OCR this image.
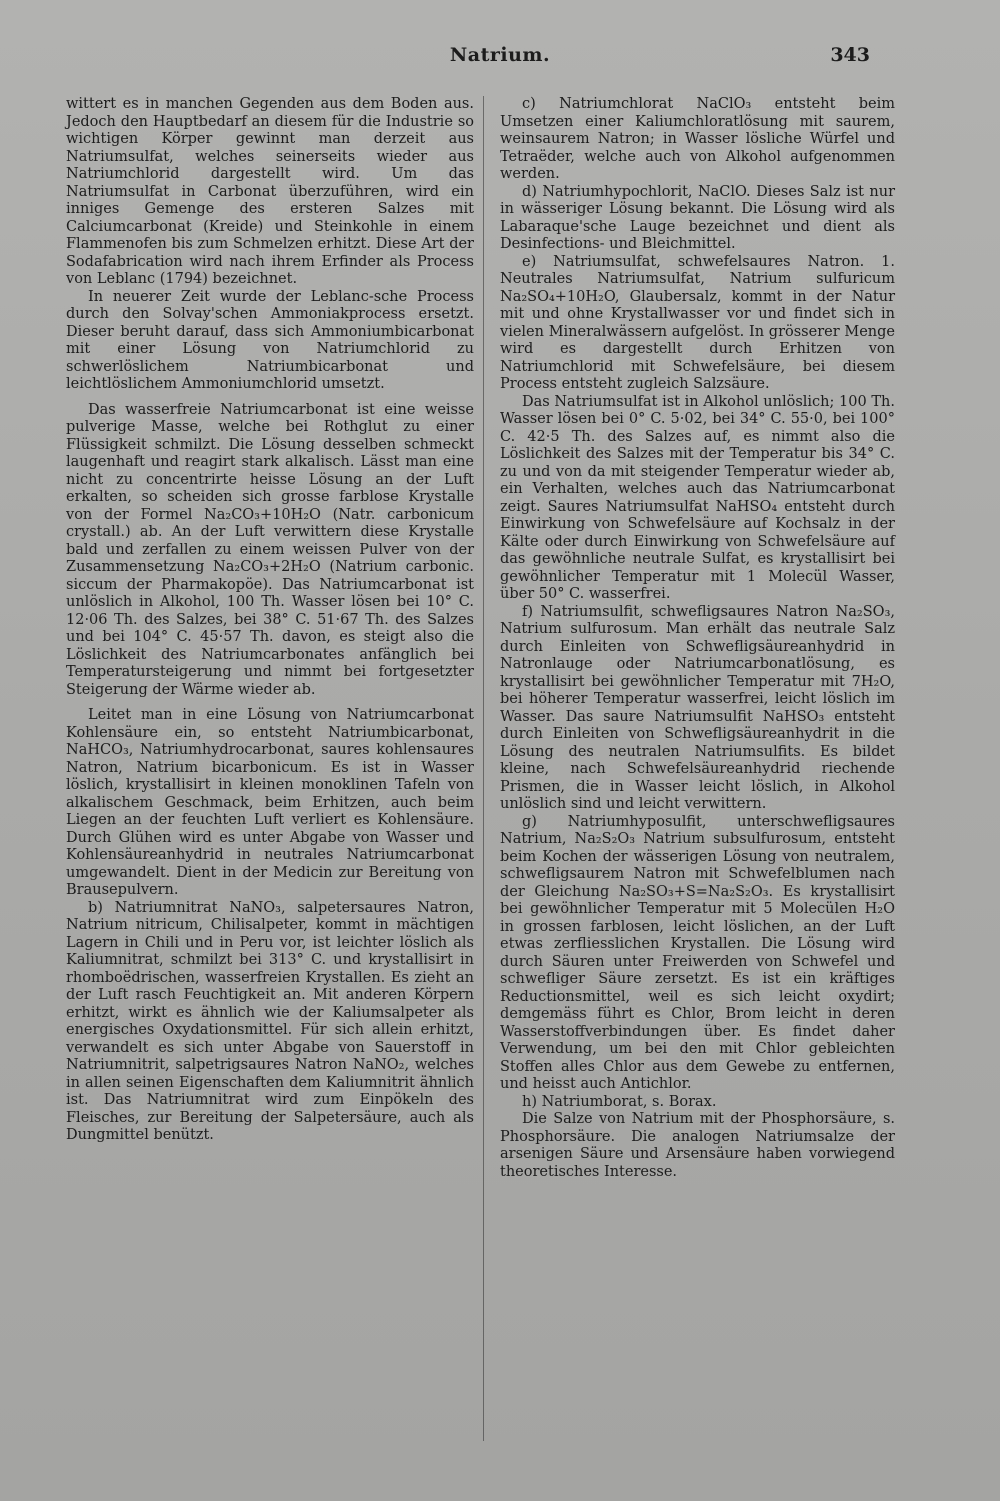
Natrium.	343

wittert es in manchen Gegenden aus dem Boden aus. Jedoch den Hauptbedarf an diesem für die Industrie so wichtigen Körper gewinnt man derzeit aus Natriumsulfat, welches seinerseits wieder aus Natriumchlorid dargestellt wird. Um das Natriumsulfat in Carbonat überzuführen, wird ein inniges Gemenge des ersteren Salzes mit Calciumcarbonat (Kreide) und Steinkohle in einem Flammenofen bis zum Schmelzen erhitzt. Diese Art der Sodafabrication wird nach ihrem Erfinder als Process von Leblanc (1794) bezeichnet.

In neuerer Zeit wurde der Leblanc-sche Process durch den Solvay'schen Ammoniakprocess ersetzt. Dieser beruht darauf, dass sich Ammoniumbicarbonat mit einer Lösung von Natriumchlorid zu schwerlöslichem Natriumbicarbonat und leichtlöslichem Ammoniumchlorid umsetzt.

Das wasserfreie Natriumcarbonat ist eine weisse pulverige Masse, welche bei Rothglut zu einer Flüssigkeit schmilzt. Die Lösung desselben schmeckt laugenhaft und reagirt stark alkalisch. Lässt man eine nicht zu concentrirte heisse Lösung an der Luft erkalten, so scheiden sich grosse farblose Krystalle von der Formel Na₂CO₃+10H₂O (Natr. carbonicum crystall.) ab. An der Luft verwittern diese Krystalle bald und zerfallen zu einem weissen Pulver von der Zusammensetzung Na₂CO₃+2H₂O (Natrium carbonic. siccum der Pharmakopöe). Das Natriumcarbonat ist unlöslich in Alkohol, 100 Th. Wasser lösen bei 10° C. 12·06 Th. des Salzes, bei 38° C. 51·67 Th. des Salzes und bei 104° C. 45·57 Th. davon, es steigt also die Löslichkeit des Natriumcarbonates anfänglich bei Temperatursteigerung und nimmt bei fortgesetzter Steigerung der Wärme wieder ab.

Leitet man in eine Lösung von Natriumcarbonat Kohlensäure ein, so entsteht Natriumbicarbonat, NaHCO₃, Natriumhydrocarbonat, saures kohlensaures Natron, Natrium bicarbonicum. Es ist in Wasser löslich, krystallisirt in kleinen monoklinen Tafeln von alkalischem Geschmack, beim Erhitzen, auch beim Liegen an der feuchten Luft verliert es Kohlensäure. Durch Glühen wird es unter Abgabe von Wasser und Kohlensäureanhydrid in neutrales Natriumcarbonat umgewandelt. Dient in der Medicin zur Bereitung von Brausepulvern.

b) Natriumnitrat NaNO₃, salpetersaures Natron, Natrium nitricum, Chilisalpeter, kommt in mächtigen Lagern in Chili und in Peru vor, ist leichter löslich als Kaliumnitrat, schmilzt bei 313° C. und krystallisirt in rhomboëdrischen, wasserfreien Krystallen. Es zieht an der Luft rasch Feuchtigkeit an. Mit anderen Körpern erhitzt, wirkt es ähnlich wie der Kaliumsalpeter als energisches Oxydationsmittel. Für sich allein erhitzt, verwandelt es sich unter Abgabe von Sauerstoff in Natriumnitrit, salpetrigsaures Natron NaNO₂, welches in allen seinen Eigenschaften dem Kaliumnitrit ähnlich ist. Das Natriumnitrat wird zum Einpökeln des Fleisches, zur Bereitung der Salpetersäure, auch als Dungmittel benützt.

c) Natriumchlorat NaClO₃ entsteht beim Umsetzen einer Kaliumchloratlösung mit saurem, weinsaurem Natron; in Wasser lösliche Würfel und Tetraëder, welche auch von Alkohol aufgenommen werden.

d) Natriumhypochlorit, NaClO. Dieses Salz ist nur in wässeriger Lösung bekannt. Die Lösung wird als Labaraque'sche Lauge bezeichnet und dient als Desinfections- und Bleichmittel.

e) Natriumsulfat, schwefelsaures Natron. 1. Neutrales Natriumsulfat, Natrium sulfuricum Na₂SO₄+10H₂O, Glaubersalz, kommt in der Natur mit und ohne Krystallwasser vor und findet sich in vielen Mineralwässern aufgelöst. In grösserer Menge wird es dargestellt durch Erhitzen von Natriumchlorid mit Schwefelsäure, bei diesem Process entsteht zugleich Salzsäure.

Das Natriumsulfat ist in Alkohol unlöslich; 100 Th. Wasser lösen bei 0° C. 5·02, bei 34° C. 55·0, bei 100° C. 42·5 Th. des Salzes auf, es nimmt also die Löslichkeit des Salzes mit der Temperatur bis 34° C. zu und von da mit steigender Temperatur wieder ab, ein Verhalten, welches auch das Natriumcarbonat zeigt. Saures Natriumsulfat NaHSO₄ entsteht durch Einwirkung von Schwefelsäure auf Kochsalz in der Kälte oder durch Einwirkung von Schwefelsäure auf das gewöhnliche neutrale Sulfat, es krystallisirt bei gewöhnlicher Temperatur mit 1 Molecül Wasser, über 50° C. wasserfrei.

f) Natriumsulfit, schwefligsaures Natron Na₂SO₃, Natrium sulfurosum. Man erhält das neutrale Salz durch Einleiten von Schwefligsäureanhydrid in Natronlauge oder Natriumcarbonatlösung, es krystallisirt bei gewöhnlicher Temperatur mit 7H₂O, bei höherer Temperatur wasserfrei, leicht löslich im Wasser. Das saure Natriumsulfit NaHSO₃ entsteht durch Einleiten von Schwefligsäureanhydrit in die Lösung des neutralen Natriumsulfits. Es bildet kleine, nach Schwefelsäureanhydrid riechende Prismen, die in Wasser leicht löslich, in Alkohol unlöslich sind und leicht verwittern.

g) Natriumhyposulfit, unterschwefligsaures Natrium, Na₂S₂O₃ Natrium subsulfurosum, entsteht beim Kochen der wässerigen Lösung von neutralem, schwefligsaurem Natron mit Schwefelblumen nach der Gleichung Na₂SO₃+S=Na₂S₂O₃. Es krystallisirt bei gewöhnlicher Temperatur mit 5 Molecülen H₂O in grossen farblosen, leicht löslichen, an der Luft etwas zerfliesslichen Krystallen. Die Lösung wird durch Säuren unter Freiwerden von Schwefel und schwefliger Säure zersetzt. Es ist ein kräftiges Reductionsmittel, weil es sich leicht oxydirt; demgemäss führt es Chlor, Brom leicht in deren Wasserstoffverbindungen über. Es findet daher Verwendung, um bei den mit Chlor gebleichten Stoffen alles Chlor aus dem Gewebe zu entfernen, und heisst auch Antichlor.

h) Natriumborat, s. Borax.

Die Salze von Natrium mit der Phosphorsäure, s. Phosphorsäure. Die analogen Natriumsalze der arsenigen Säure und Arsensäure haben vorwiegend theoretisches Interesse.
